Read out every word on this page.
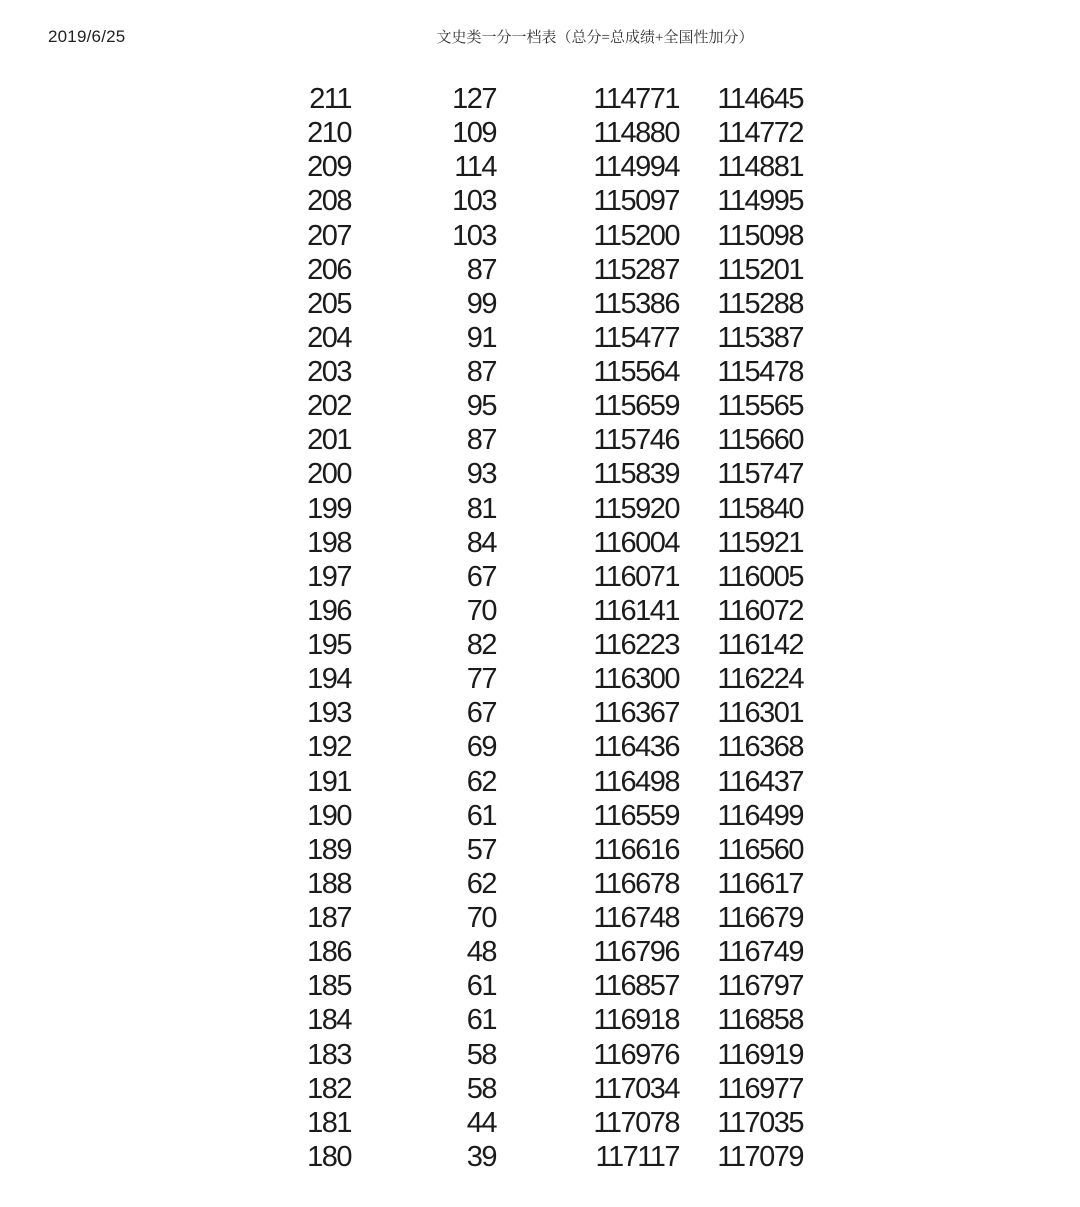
2019/6/25	文史类一分一档表（总分=总成绩+全国性加分）
211	127	114771	114645
210	109	114880	114772
209	114	114994	114881
208	103	115097	114995
207	103	115200	115098
206	87	115287	115201
205	99	115386	115288
204	91	115477	115387
203	87	115564	115478
202	95	115659	115565
201	87	115746	115660
200	93	115839	115747
199	81	115920	115840
198	84	116004	115921
197	67	116071	116005
196	70	116141	116072
195	82	116223	116142
194	77	116300	116224
193	67	116367	116301
192	69	116436	116368
191	62	116498	116437
190	61	116559	116499
189	57	116616	116560
188	62	116678	116617
187	70	116748	116679
186	48	116796	116749
185	61	116857	116797
184	61	116918	116858
183	58	116976	116919
182	58	117034	116977
181	44	117078	117035
180	39	117117	117079
